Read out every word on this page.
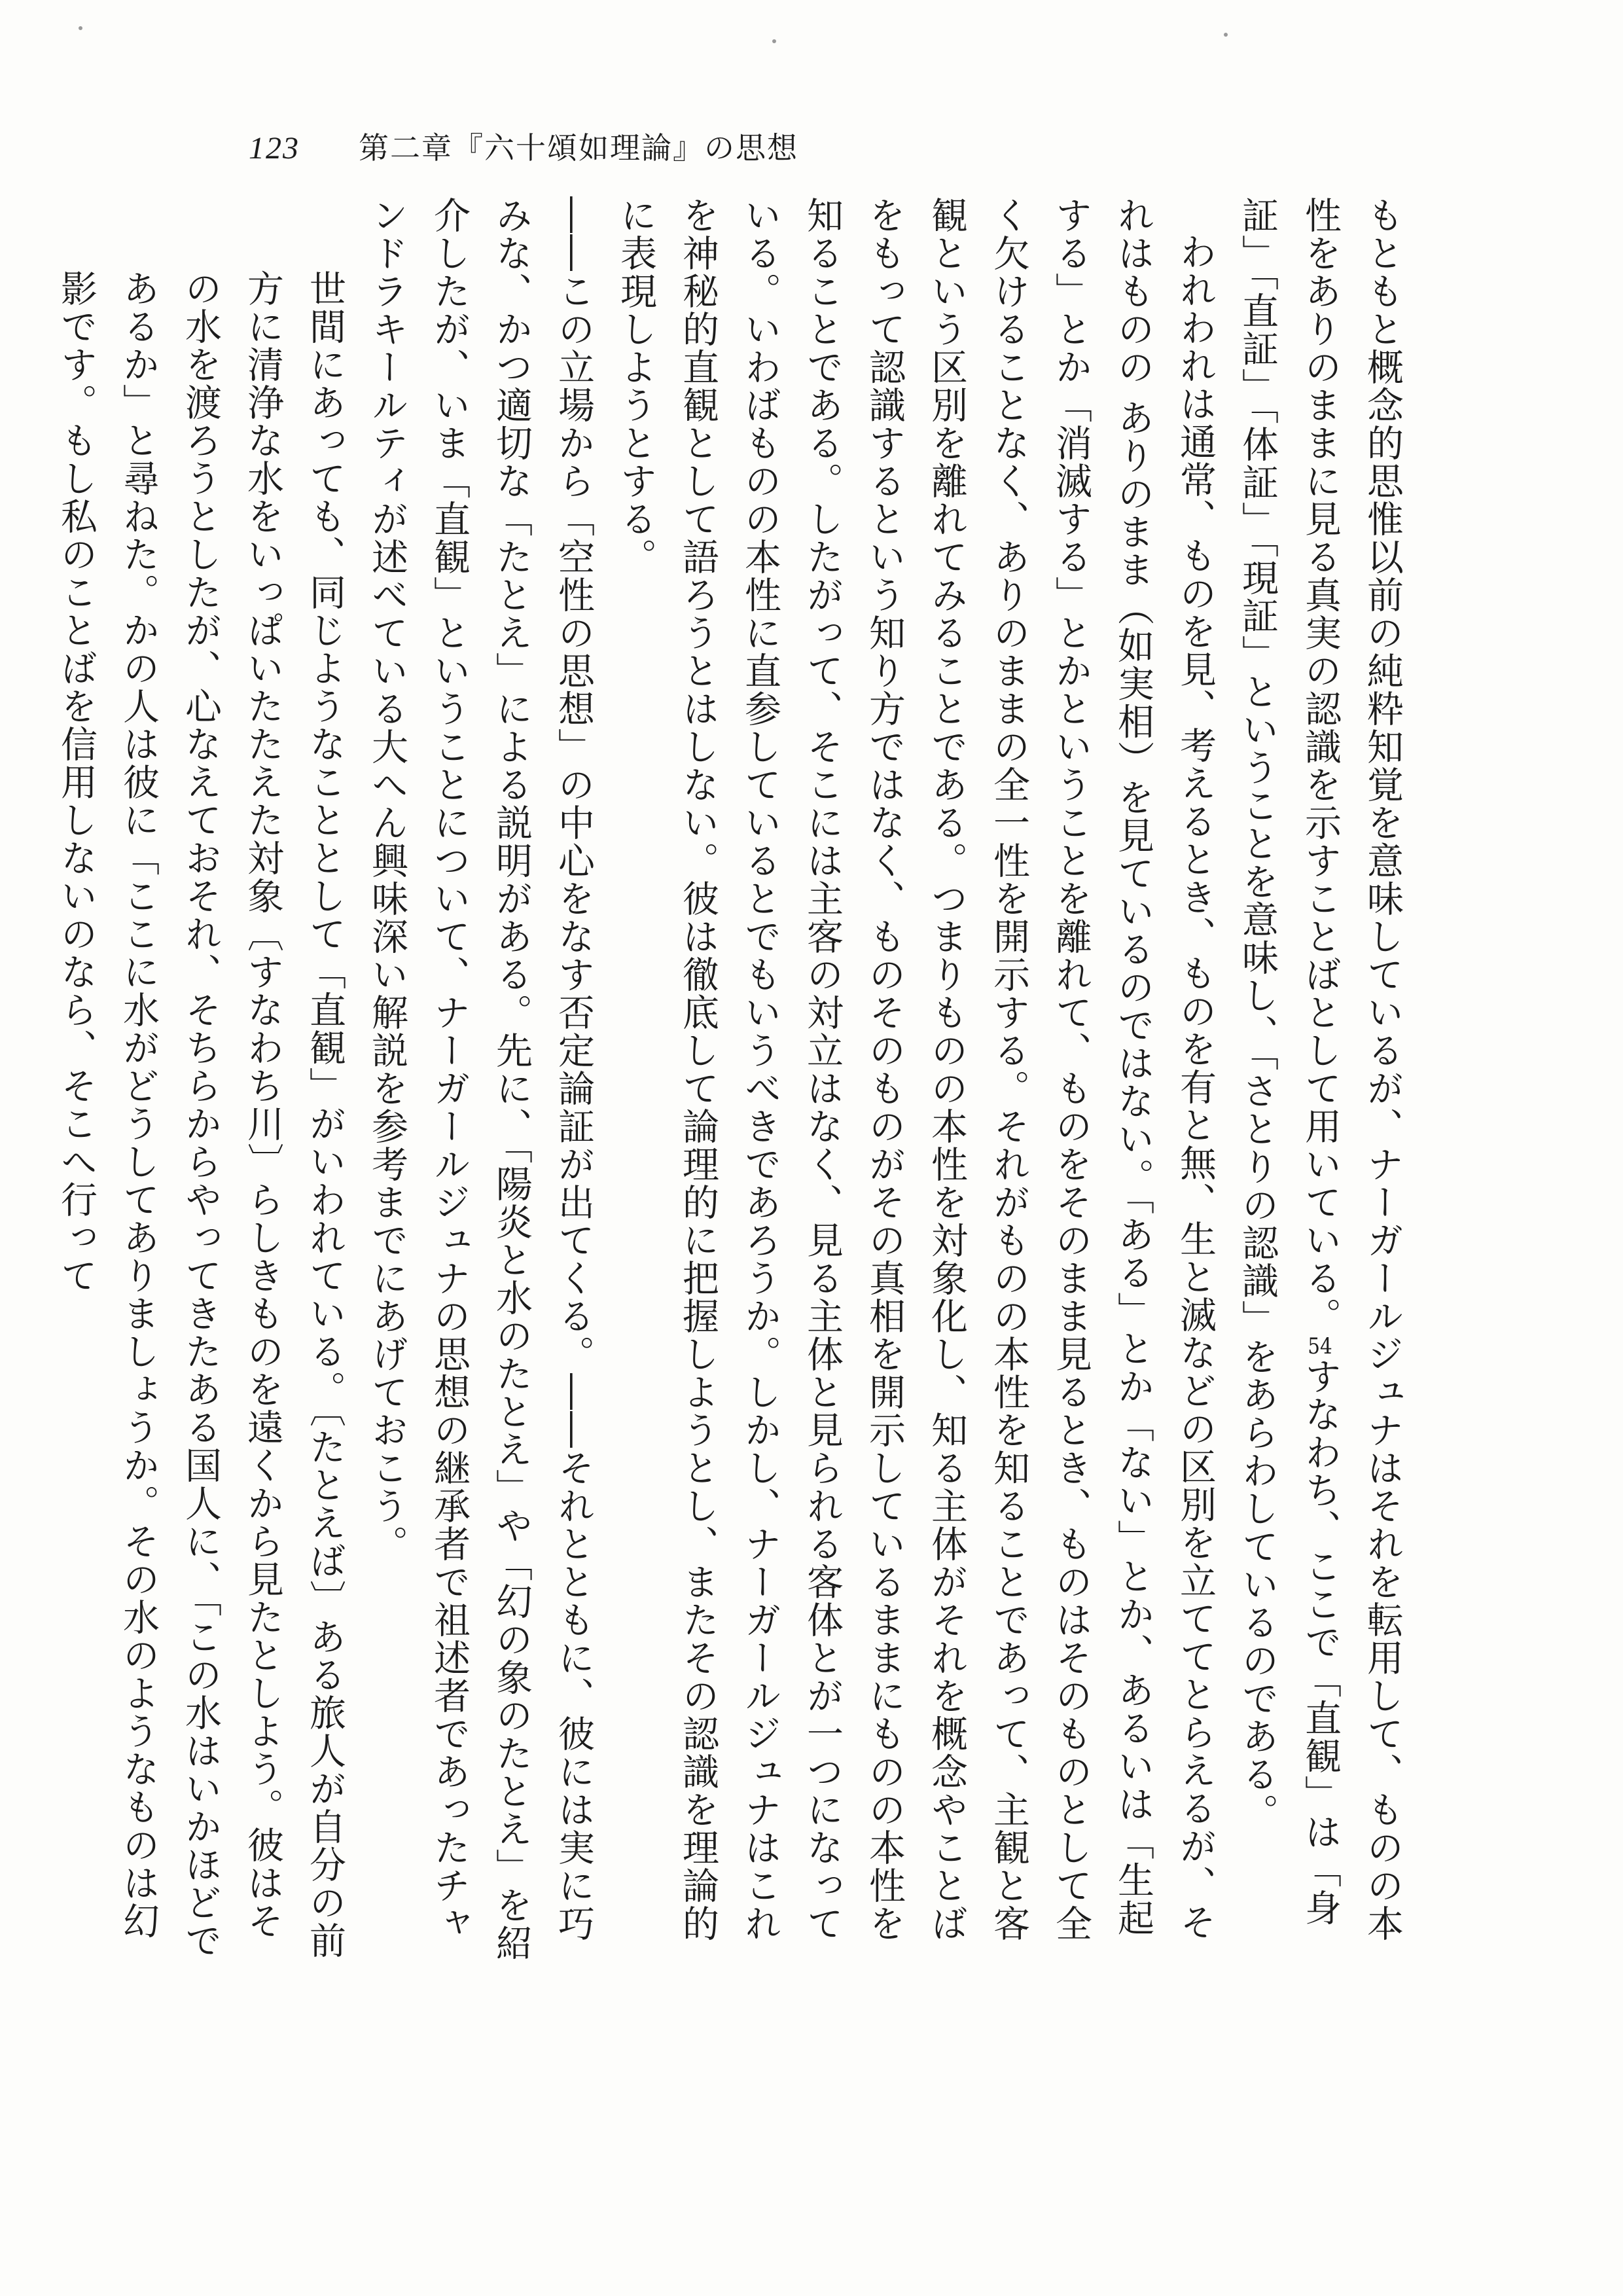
123 第二章『六十頌如理論』の思想

もともと概念的思惟以前の純粋知覚を意味しているが、ナーガールジュナはそれを転用して、ものの本性をありのままに見る真実の認識を示すことばとして用いている。54すなわち、ここで「直観」は「身証」「直証」「体証」「現証」ということを意味し、「さとりの認識」をあらわしているのである。

われわれは通常、ものを見、考えるとき、ものを有と無、生と滅などの区別を立ててとらえるが、それはものの ありのまま（如実相）を見ているのではない。「ある」とか「ない」とか、あるいは「生起する」とか「消滅する」とかということを離れて、ものをそのまま見るとき、ものはそのものとして全く欠けることなく、ありのままの全一性を開示する。それがものの本性を知ることであって、主観と客観という区別を離れてみることである。つまりものの本性を対象化し、知る主体がそれを概念やことばをもって認識するという知り方ではなく、ものそのものがその真相を開示しているままにものの本性を知ることである。したがって、そこには主客の対立はなく、見る主体と見られる客体とが一つになっている。いわばものの本性に直参しているとでもいうべきであろうか。しかし、ナーガールジュナはこれを神秘的直観として語ろうとはしない。彼は徹底して論理的に把握しようとし、またその認識を理論的に表現しようとする。

――この立場から「空性の思想」の中心をなす否定論証が出てくる。――それとともに、彼には実に巧みな、かつ適切な「たとえ」による説明がある。先に、「陽炎と水のたとえ」や「幻の象のたとえ」を紹介したが、いま「直観」ということについて、ナーガールジュナの思想の継承者で祖述者であったチャンドラキールティが述べている大へん興味深い解説を参考までにあげておこう。

世間にあっても、同じようなこととして「直観」がいわれている。〔たとえば〕ある旅人が自分の前方に清浄な水をいっぱいたたえた対象〔すなわち川〕らしきものを遠くから見たとしよう。彼はその水を渡ろうとしたが、心なえておそれ、そちらからやってきたある国人に、「この水はいかほどであるか」と尋ねた。かの人は彼に「ここに水がどうしてありましょうか。その水のようなものは幻影です。もし私のことばを信用しないのなら、そこへ行って
